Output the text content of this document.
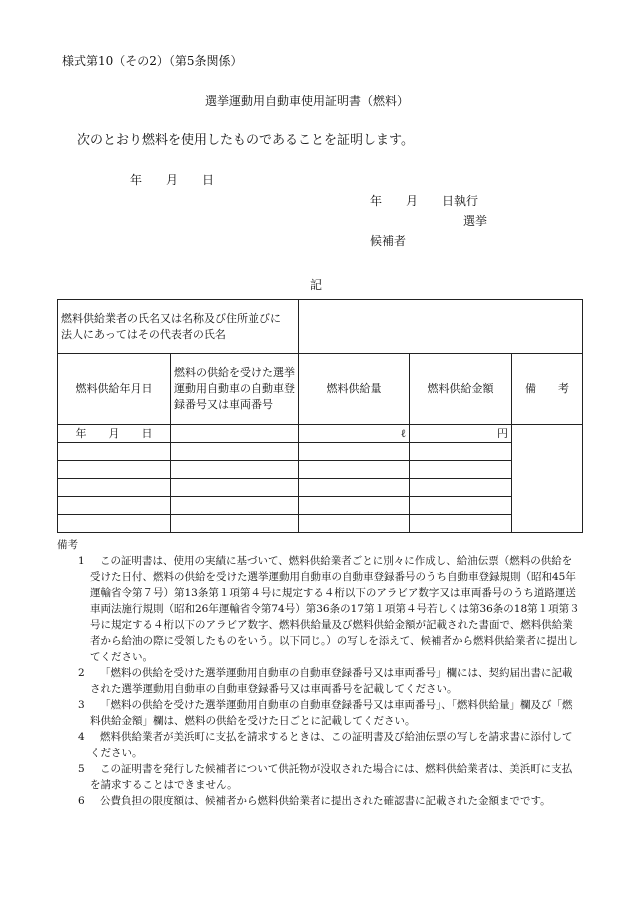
様式第10（その2）（第5条関係）
選挙運動用自動車使用証明書（燃料）
次のとおり燃料を使用したものであることを証明します。
年　　月　　日
年　　月　　日執行
選挙
候補者
記
燃料供給業者の氏名又は名称及び住所並びに法人にあってはその代表者の氏名				
燃料供給年月日	燃料の供給を受けた選挙運動用自動車の自動車登録番号又は車両番号	燃料供給量	燃料供給金額	備　　考
年　　月　　日		ℓ	円	

備考
1 この証明書は、使用の実績に基づいて、燃料供給業者ごとに別々に作成し、給油伝票（燃料の供給を受けた日付、燃料の供給を受けた選挙運動用自動車の自動車登録番号のうち自動車登録規則（昭和45年運輸省令第７号）第13条第１項第４号に規定する４桁以下のアラビア数字又は車両番号のうち道路運送車両法施行規則（昭和26年運輸省令第74号）第36条の17第１項第４号若しくは第36条の18第１項第３号に規定する４桁以下のアラビア数字、燃料供給量及び燃料供給金額が記載された書面で、燃料供給業者から給油の際に受領したものをいう。以下同じ。）の写しを添えて、候補者から燃料供給業者に提出してください。
2 「燃料の供給を受けた選挙運動用自動車の自動車登録番号又は車両番号」欄には、契約届出書に記載された選挙運動用自動車の自動車登録番号又は車両番号を記載してください。
3 「燃料の供給を受けた選挙運動用自動車の自動車登録番号又は車両番号」、「燃料供給量」欄及び「燃料供給金額」欄は、燃料の供給を受けた日ごとに記載してください。
4 燃料供給業者が美浜町に支払を請求するときは、この証明書及び給油伝票の写しを請求書に添付してください。
5 この証明書を発行した候補者について供託物が没収された場合には、燃料供給業者は、美浜町に支払を請求することはできません。
6 公費負担の限度額は、候補者から燃料供給業者に提出された確認書に記載された金額までです。
